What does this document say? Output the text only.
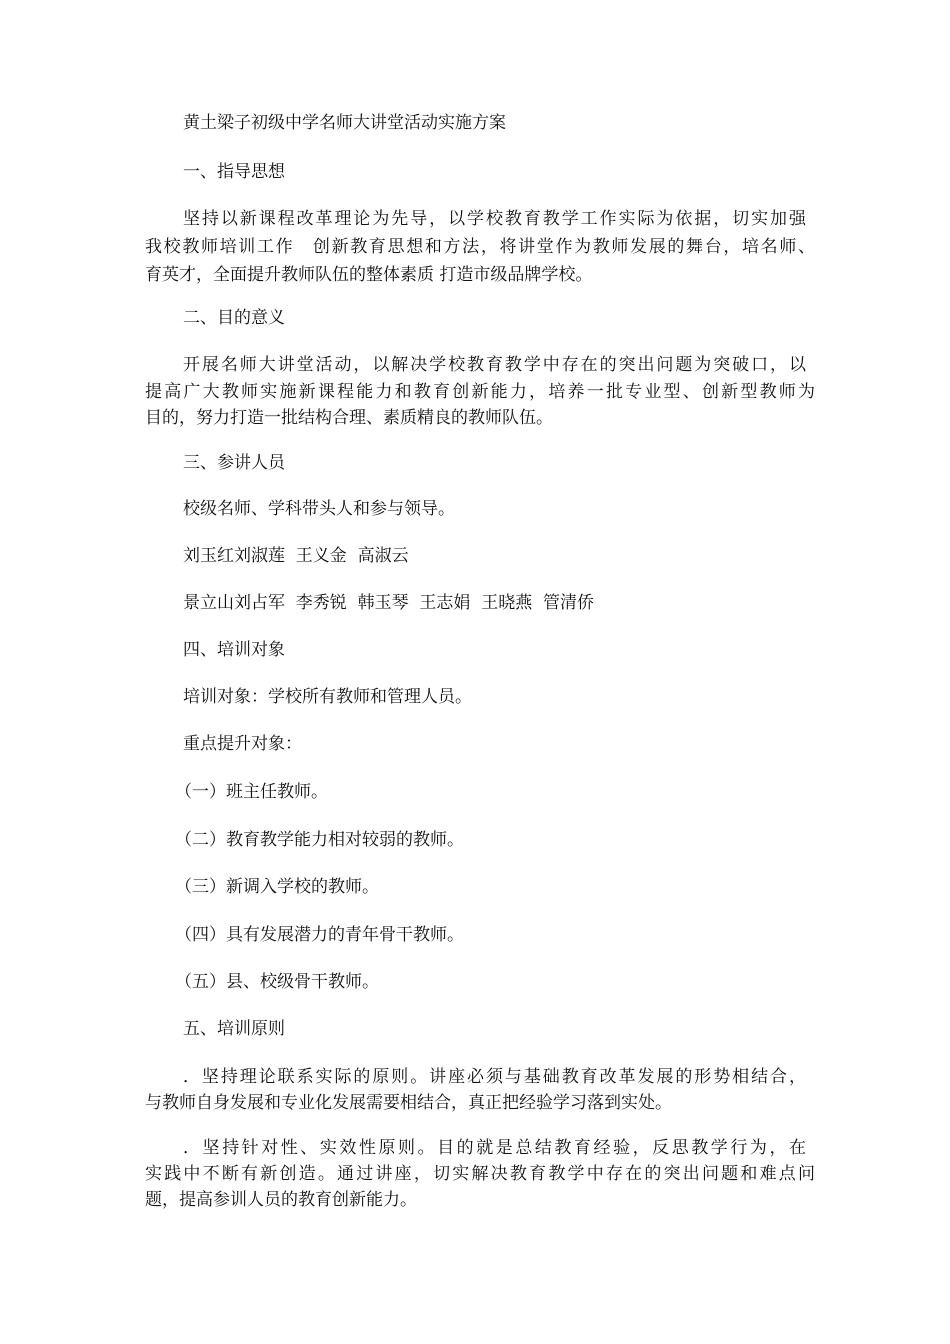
黄土梁子初级中学名师大讲堂活动实施方案
一、指导思想
坚持以新课程改革理论为先导，以学校教育教学工作实际为依据，切实加强
我校教师培训工作　创新教育思想和方法，将讲堂作为教师发展的舞台，培名师、
育英才，全面提升教师队伍的整体素质 打造市级品牌学校。
二、目的意义
开展名师大讲堂活动，以解决学校教育教学中存在的突出问题为突破口，以
提高广大教师实施新课程能力和教育创新能力，培养一批专业型、创新型教师为
目的，努力打造一批结构合理、素质精良的教师队伍。
三、参讲人员
校级名师、学科带头人和参与领导。
刘玉红刘淑莲  王义金  高淑云
景立山刘占军  李秀锐  韩玉琴  王志娟  王晓燕  管清侨
四、培训对象
培训对象：学校所有教师和管理人员。
重点提升对象：
（一）班主任教师。
（二）教育教学能力相对较弱的教师。
（三）新调入学校的教师。
（四）具有发展潜力的青年骨干教师。
（五）县、校级骨干教师。
五、培训原则
．坚持理论联系实际的原则。讲座必须与基础教育改革发展的形势相结合，
与教师自身发展和专业化发展需要相结合，真正把经验学习落到实处。
．坚持针对性、实效性原则。目的就是总结教育经验，反思教学行为，在
实践中不断有新创造。通过讲座，切实解决教育教学中存在的突出问题和难点问
题，提高参训人员的教育创新能力。
